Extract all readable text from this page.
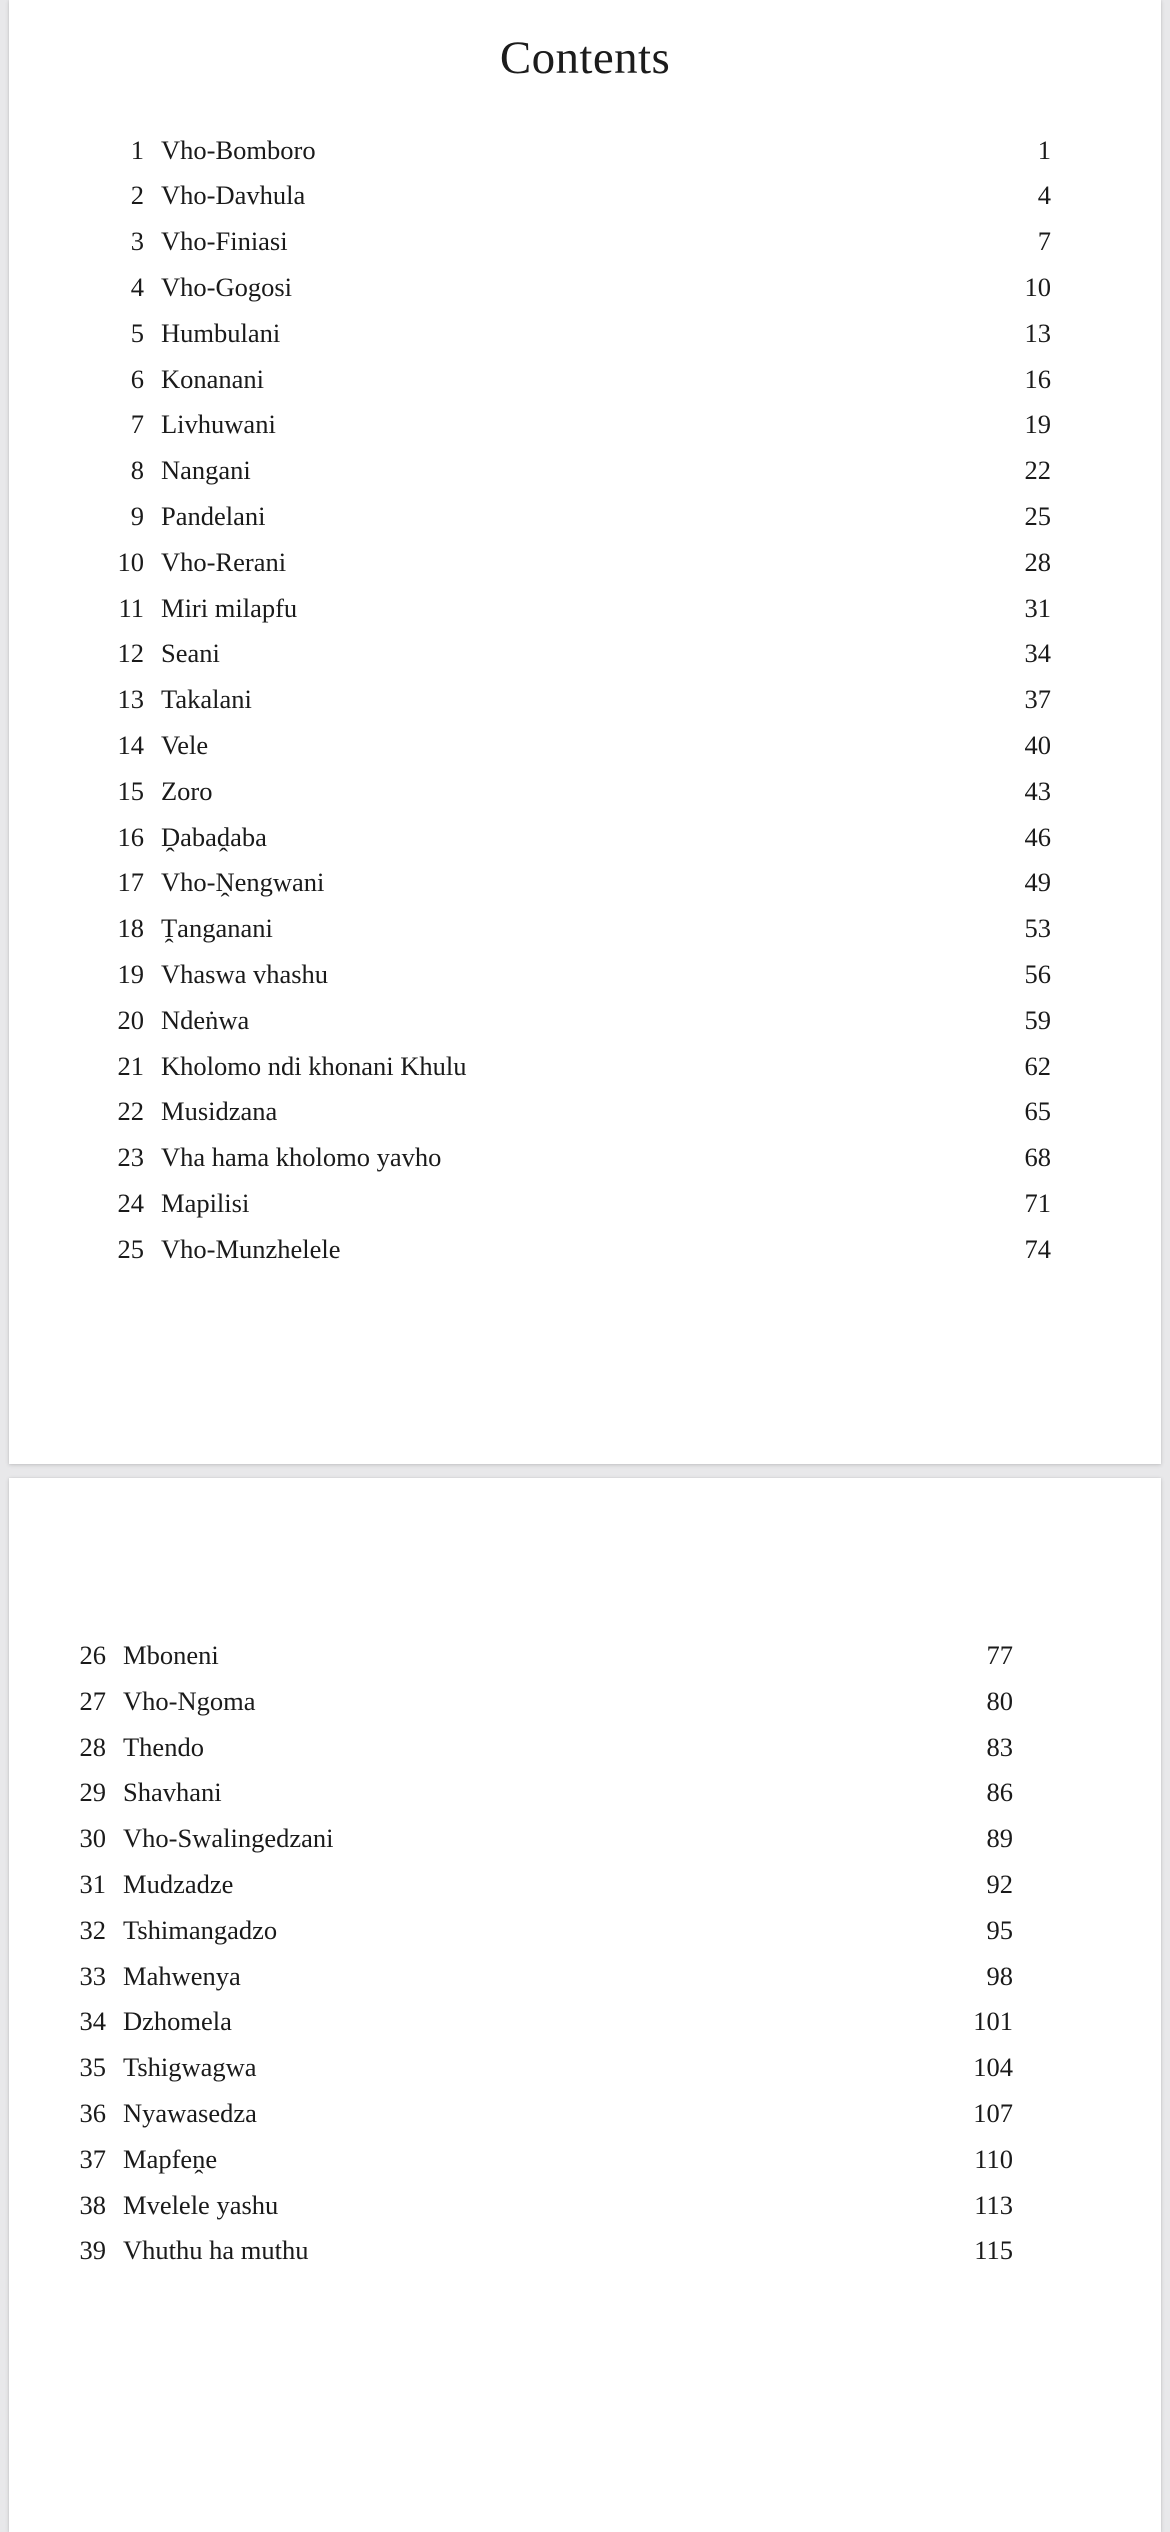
Contents
1 Vho-Bomboro	1
2 Vho-Davhula	4
3 Vho-Finiasi	7
4 Vho-Gogosi	10
5 Humbulani	13
6 Konanani	16
7 Livhuwani	19
8 Nangani	22
9 Pandelani	25
10 Vho-Rerani	28
11 Miri milapfu	31
12 Seani	34
13 Takalani	37
14 Vele	40
15 Zoro	43
16 Ḓabaḓaba	46
17 Vho-Ṋengwani	49
18 Ṱanganani	53
19 Vhaswa vhashu	56
20 Ndeṅwa	59
21 Kholomo ndi khonani Khulu	62
22 Musidzana	65
23 Vha hama kholomo yavho	68
24 Mapilisi	71
25 Vho-Munzhelele	74
26 Mboneni	77
27 Vho-Ngoma	80
28 Thendo	83
29 Shavhani	86
30 Vho-Swalingedzani	89
31 Mudzadze	92
32 Tshimangadzo	95
33 Mahwenya	98
34 Dzhomela	101
35 Tshigwagwa	104
36 Nyawasedza	107
37 Mapfeṋe	110
38 Mvelele yashu	113
39 Vhuthu ha muthu	115
